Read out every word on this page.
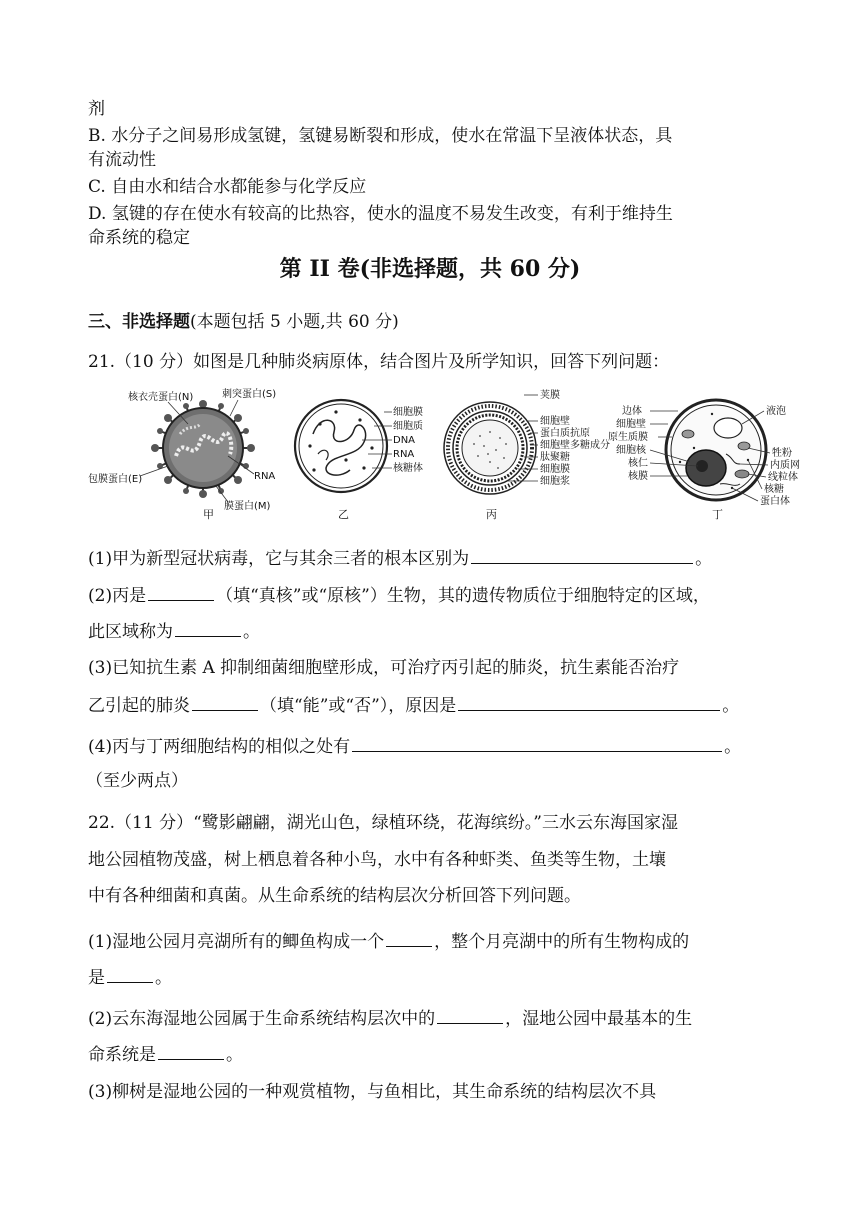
剂
B. 水分子之间易形成氢键，氢键易断裂和形成，使水在常温下呈液体状态，具
有流动性
C. 自由水和结合水都能参与化学反应
D. 氢键的存在使水有较高的比热容，使水的温度不易发生改变，有利于维持生
命系统的稳定
第 II 卷(非选择题，共 60 分)
三、非选择题(本题包括 5 小题,共 60 分)
21.（10 分）如图是几种肺炎病原体，结合图片及所学知识，回答下列问题：
核衣壳蛋白(N)	刺突蛋白(S)
包膜蛋白(E)	RNA
膜蛋白(M)
甲
细胞膜
细胞质
DNA
RNA
核糖体
乙
荚膜
细胞壁
蛋白质抗原
细胞壁多糖成分
肽聚糖
细胞膜
细胞浆
丙
边体
细胞壁
原生质膜
细胞核
核仁
核膜
液泡
牲粉
内质网
线粒体
核糖
蛋白体
丁
(1)甲为新型冠状病毒，它与其余三者的根本区别为	。
(2)丙是	（填“真核”或“原核”）生物，其的遗传物质位于细胞特定的区域，
此区域称为	。
(3)已知抗生素 A 抑制细菌细胞壁形成，可治疗丙引起的肺炎，抗生素能否治疗
乙引起的肺炎	（填“能”或“否”），原因是	。
(4)丙与丁两细胞结构的相似之处有	。
（至少两点）
22.（11 分）“鹭影翩翩，湖光山色，绿植环绕，花海缤纷。”三水云东海国家湿
地公园植物茂盛，树上栖息着各种小鸟，水中有各种虾类、鱼类等生物，土壤
中有各种细菌和真菌。从生命系统的结构层次分析回答下列问题。
(1)湿地公园月亮湖所有的鲫鱼构成一个	，整个月亮湖中的所有生物构成的
是	。
(2)云东海湿地公园属于生命系统结构层次中的	，湿地公园中最基本的生
命系统是	。
(3)柳树是湿地公园的一种观赏植物，与鱼相比，其生命系统的结构层次不具
